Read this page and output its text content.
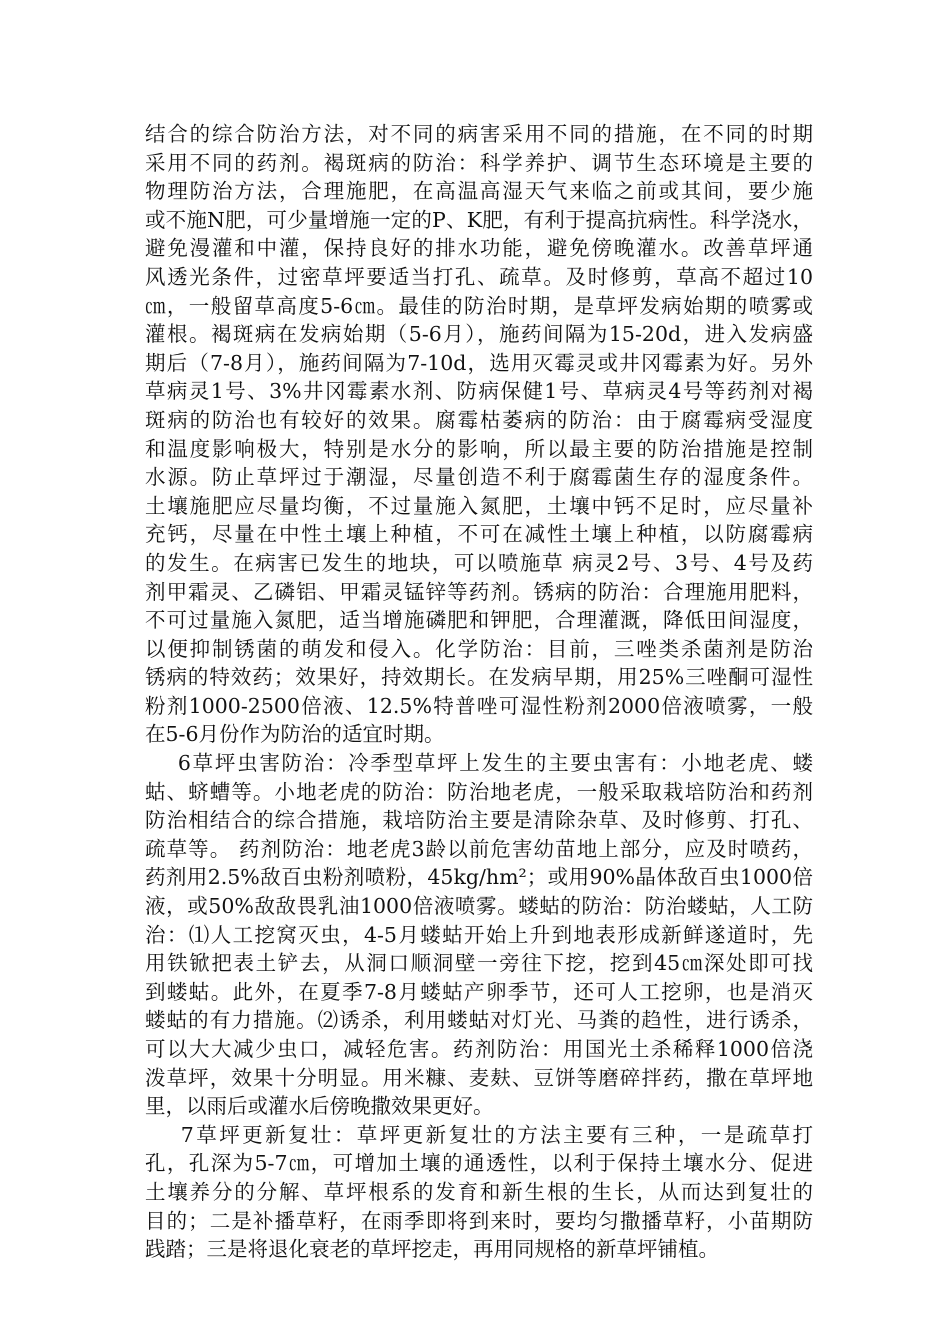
结合的综合防治方法，对不同的病害采用不同的措施，在不同的时期
采用不同的药剂。褐斑病的防治：科学养护、调节生态环境是主要的
物理防治方法，合理施肥，在高温高湿天气来临之前或其间，要少施
或不施N肥，可少量增施一定的P、K肥，有利于提高抗病性。科学浇水，
避免漫灌和中灌，保持良好的排水功能，避免傍晚灌水。改善草坪通
风透光条件，过密草坪要适当打孔、疏草。及时修剪，草高不超过10
㎝，一般留草高度5-6㎝。最佳的防治时期，是草坪发病始期的喷雾或
灌根。褐斑病在发病始期（5-6月），施药间隔为15-20d，进入发病盛
期后（7-8月），施药间隔为7-10d，选用灭霉灵或井冈霉素为好。另外
草病灵1号、3%井冈霉素水剂、防病保健1号、草病灵4号等药剂对褐
斑病的防治也有较好的效果。腐霉枯萎病的防治：由于腐霉病受湿度
和温度影响极大，特别是水分的影响，所以最主要的防治措施是控制
水源。防止草坪过于潮湿，尽量创造不利于腐霉菌生存的湿度条件。
土壤施肥应尽量均衡，不过量施入氮肥，土壤中钙不足时，应尽量补
充钙，尽量在中性土壤上种植，不可在减性土壤上种植，以防腐霉病
的发生。在病害已发生的地块，可以喷施草 病灵2号、3号、4号及药
剂甲霜灵、乙磷铝、甲霜灵锰锌等药剂。锈病的防治：合理施用肥料，
不可过量施入氮肥，适当增施磷肥和钾肥，合理灌溉，降低田间湿度，
以便抑制锈菌的萌发和侵入。化学防治：目前，三唑类杀菌剂是防治
锈病的特效药；效果好，持效期长。在发病早期，用25%三唑酮可湿性
粉剂1000-2500倍液、12.5%特普唑可湿性粉剂2000倍液喷雾，一般
在5-6月份作为防治的适宜时期。
6草坪虫害防治：冷季型草坪上发生的主要虫害有：小地老虎、蝼
蛄、蛴螬等。小地老虎的防治：防治地老虎，一般采取栽培防治和药剂
防治相结合的综合措施，栽培防治主要是清除杂草、及时修剪、打孔、
疏草等。 药剂防治：地老虎3龄以前危害幼苗地上部分，应及时喷药，
药剂用2.5%敌百虫粉剂喷粉，45kg/hm²；或用90%晶体敌百虫1000倍
液，或50%敌敌畏乳油1000倍液喷雾。蝼蛄的防治：防治蝼蛄，人工防
治：⑴人工挖窝灭虫，4-5月蝼蛄开始上升到地表形成新鲜遂道时，先
用铁锨把表土铲去，从洞口顺洞壁一旁往下挖，挖到45㎝深处即可找
到蝼蛄。此外，在夏季7-8月蝼蛄产卵季节，还可人工挖卵，也是消灭
蝼蛄的有力措施。⑵诱杀，利用蝼蛄对灯光、马粪的趋性，进行诱杀，
可以大大减少虫口，减轻危害。药剂防治：用国光土杀稀释1000倍浇
泼草坪，效果十分明显。用米糠、麦麸、豆饼等磨碎拌药，撒在草坪地
里，以雨后或灌水后傍晚撒效果更好。
7草坪更新复壮：草坪更新复壮的方法主要有三种，一是疏草打
孔，孔深为5-7㎝，可增加土壤的通透性，以利于保持土壤水分、促进
土壤养分的分解、草坪根系的发育和新生根的生长，从而达到复壮的
目的；二是补播草籽，在雨季即将到来时，要均匀撒播草籽，小苗期防
践踏；三是将退化衰老的草坪挖走，再用同规格的新草坪铺植。
